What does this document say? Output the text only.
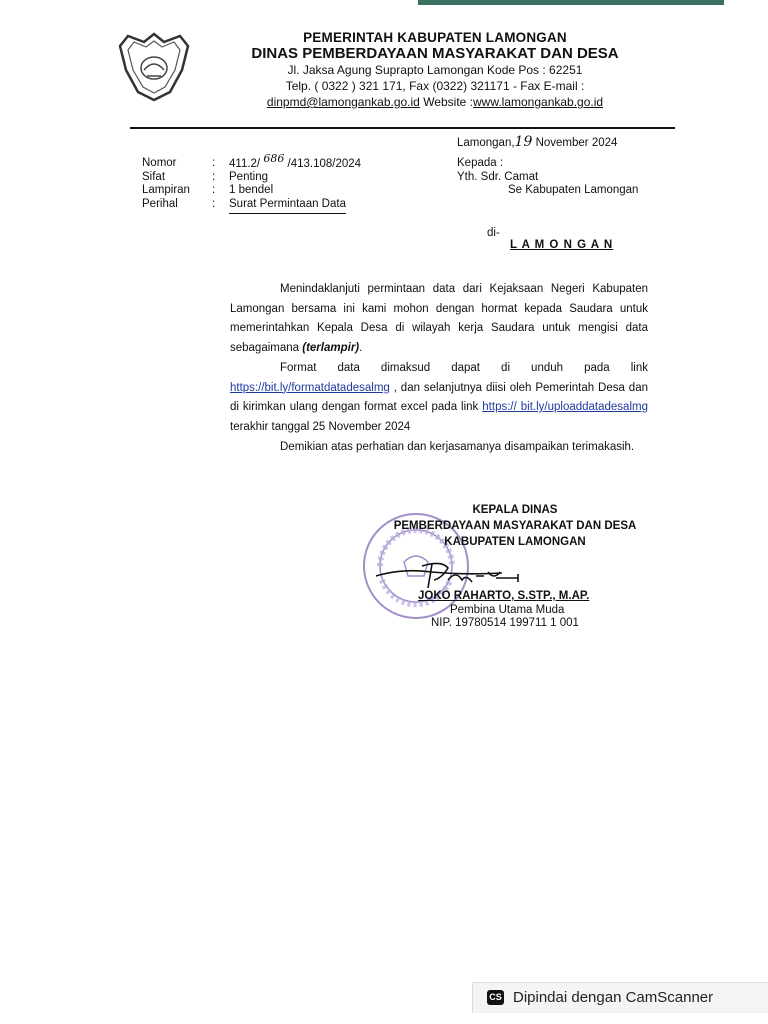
PEMERINTAH KABUPATEN LAMONGAN
DINAS PEMBERDAYAAN MASYARAKAT DAN DESA
Jl. Jaksa Agung Suprapto Lamongan Kode Pos : 62251
Telp. ( 0322 ) 321 171, Fax (0322) 321171 - Fax E-mail :
dinpmd@lamongankab.go.id Website :www.lamongankab.go.id
Lamongan,19 November 2024
Nomor	: 411.2/ 686 /413.108/2024
Sifat	: Penting
Lampiran : 1 bendel
Perihal	: Surat Permintaan Data
Kepada :
Yth. Sdr. Camat
Se Kabupaten Lamongan
di-
L A M O N G A N
Menindaklanjuti permintaan data dari Kejaksaan Negeri Kabupaten Lamongan bersama ini kami mohon dengan hormat kepada Saudara untuk memerintahkan Kepala Desa di wilayah kerja Saudara untuk mengisi data sebagaimana (terlampir).
Format data dimaksud dapat di unduh pada link https://bit.ly/formatdatadesalmg , dan selanjutnya diisi oleh Pemerintah Desa dan di kirimkan ulang dengan format excel pada link https:// bit.ly/uploaddatadesalmg terakhir tanggal 25 November 2024
Demikian atas perhatian dan kerjasamanya disampaikan terimakasih.
KEPALA DINAS
PEMBERDAYAAN MASYARAKAT DAN DESA
KABUPATEN LAMONGAN
JOKO RAHARTO, S.STP., M.AP.
Pembina Utama Muda
NIP. 19780514 199711 1 001
CS Dipindai dengan CamScanner
